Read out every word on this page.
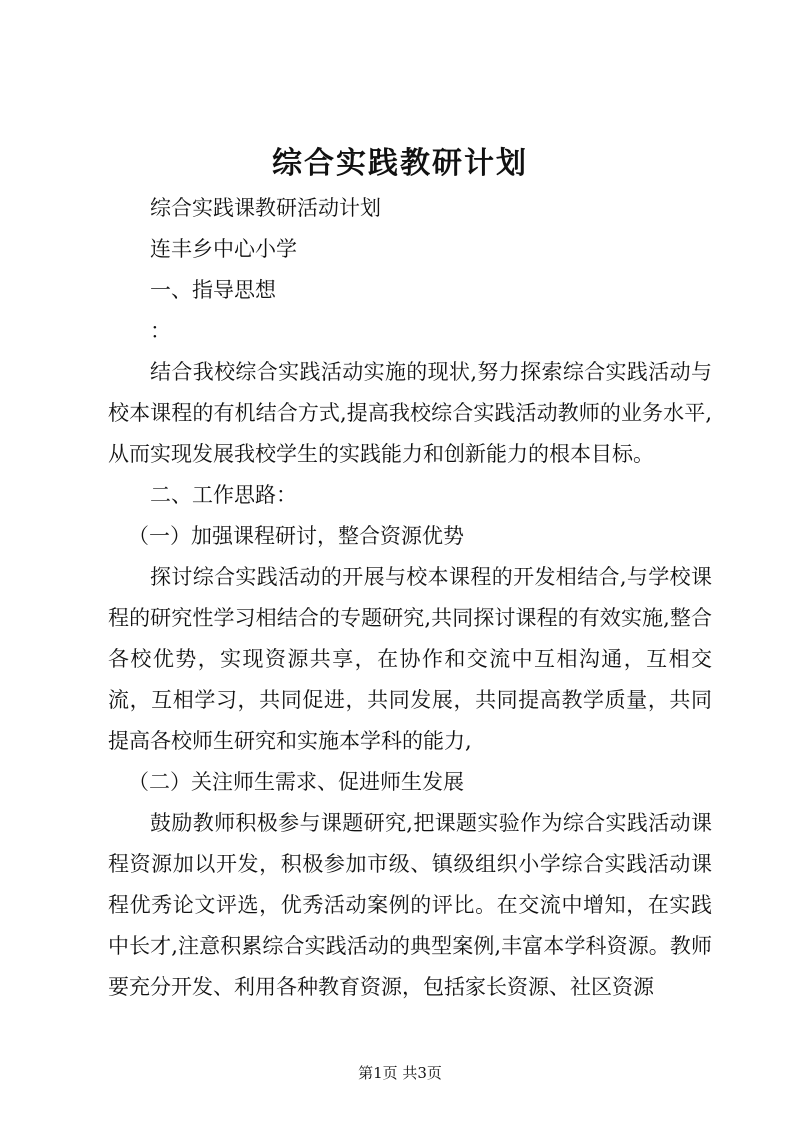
综合实践教研计划

综合实践课教研活动计划

连丰乡中心小学

一、指导思想

：

结合我校综合实践活动实施的现状,努力探索综合实践活动与校本课程的有机结合方式,提高我校综合实践活动教师的业务水平,从而实现发展我校学生的实践能力和创新能力的根本目标。

二、工作思路：

（一）加强课程研讨，整合资源优势

探讨综合实践活动的开展与校本课程的开发相结合,与学校课程的研究性学习相结合的专题研究,共同探讨课程的有效实施,整合各校优势，实现资源共享，在协作和交流中互相沟通，互相交流，互相学习，共同促进，共同发展，共同提高教学质量，共同提高各校师生研究和实施本学科的能力,

（二）关注师生需求、促进师生发展

鼓励教师积极参与课题研究,把课题实验作为综合实践活动课程资源加以开发，积极参加市级、镇级组织小学综合实践活动课程优秀论文评选，优秀活动案例的评比。在交流中增知，在实践中长才,注意积累综合实践活动的典型案例,丰富本学科资源。教师要充分开发、利用各种教育资源，包括家长资源、社区资源

第1页 共3页
